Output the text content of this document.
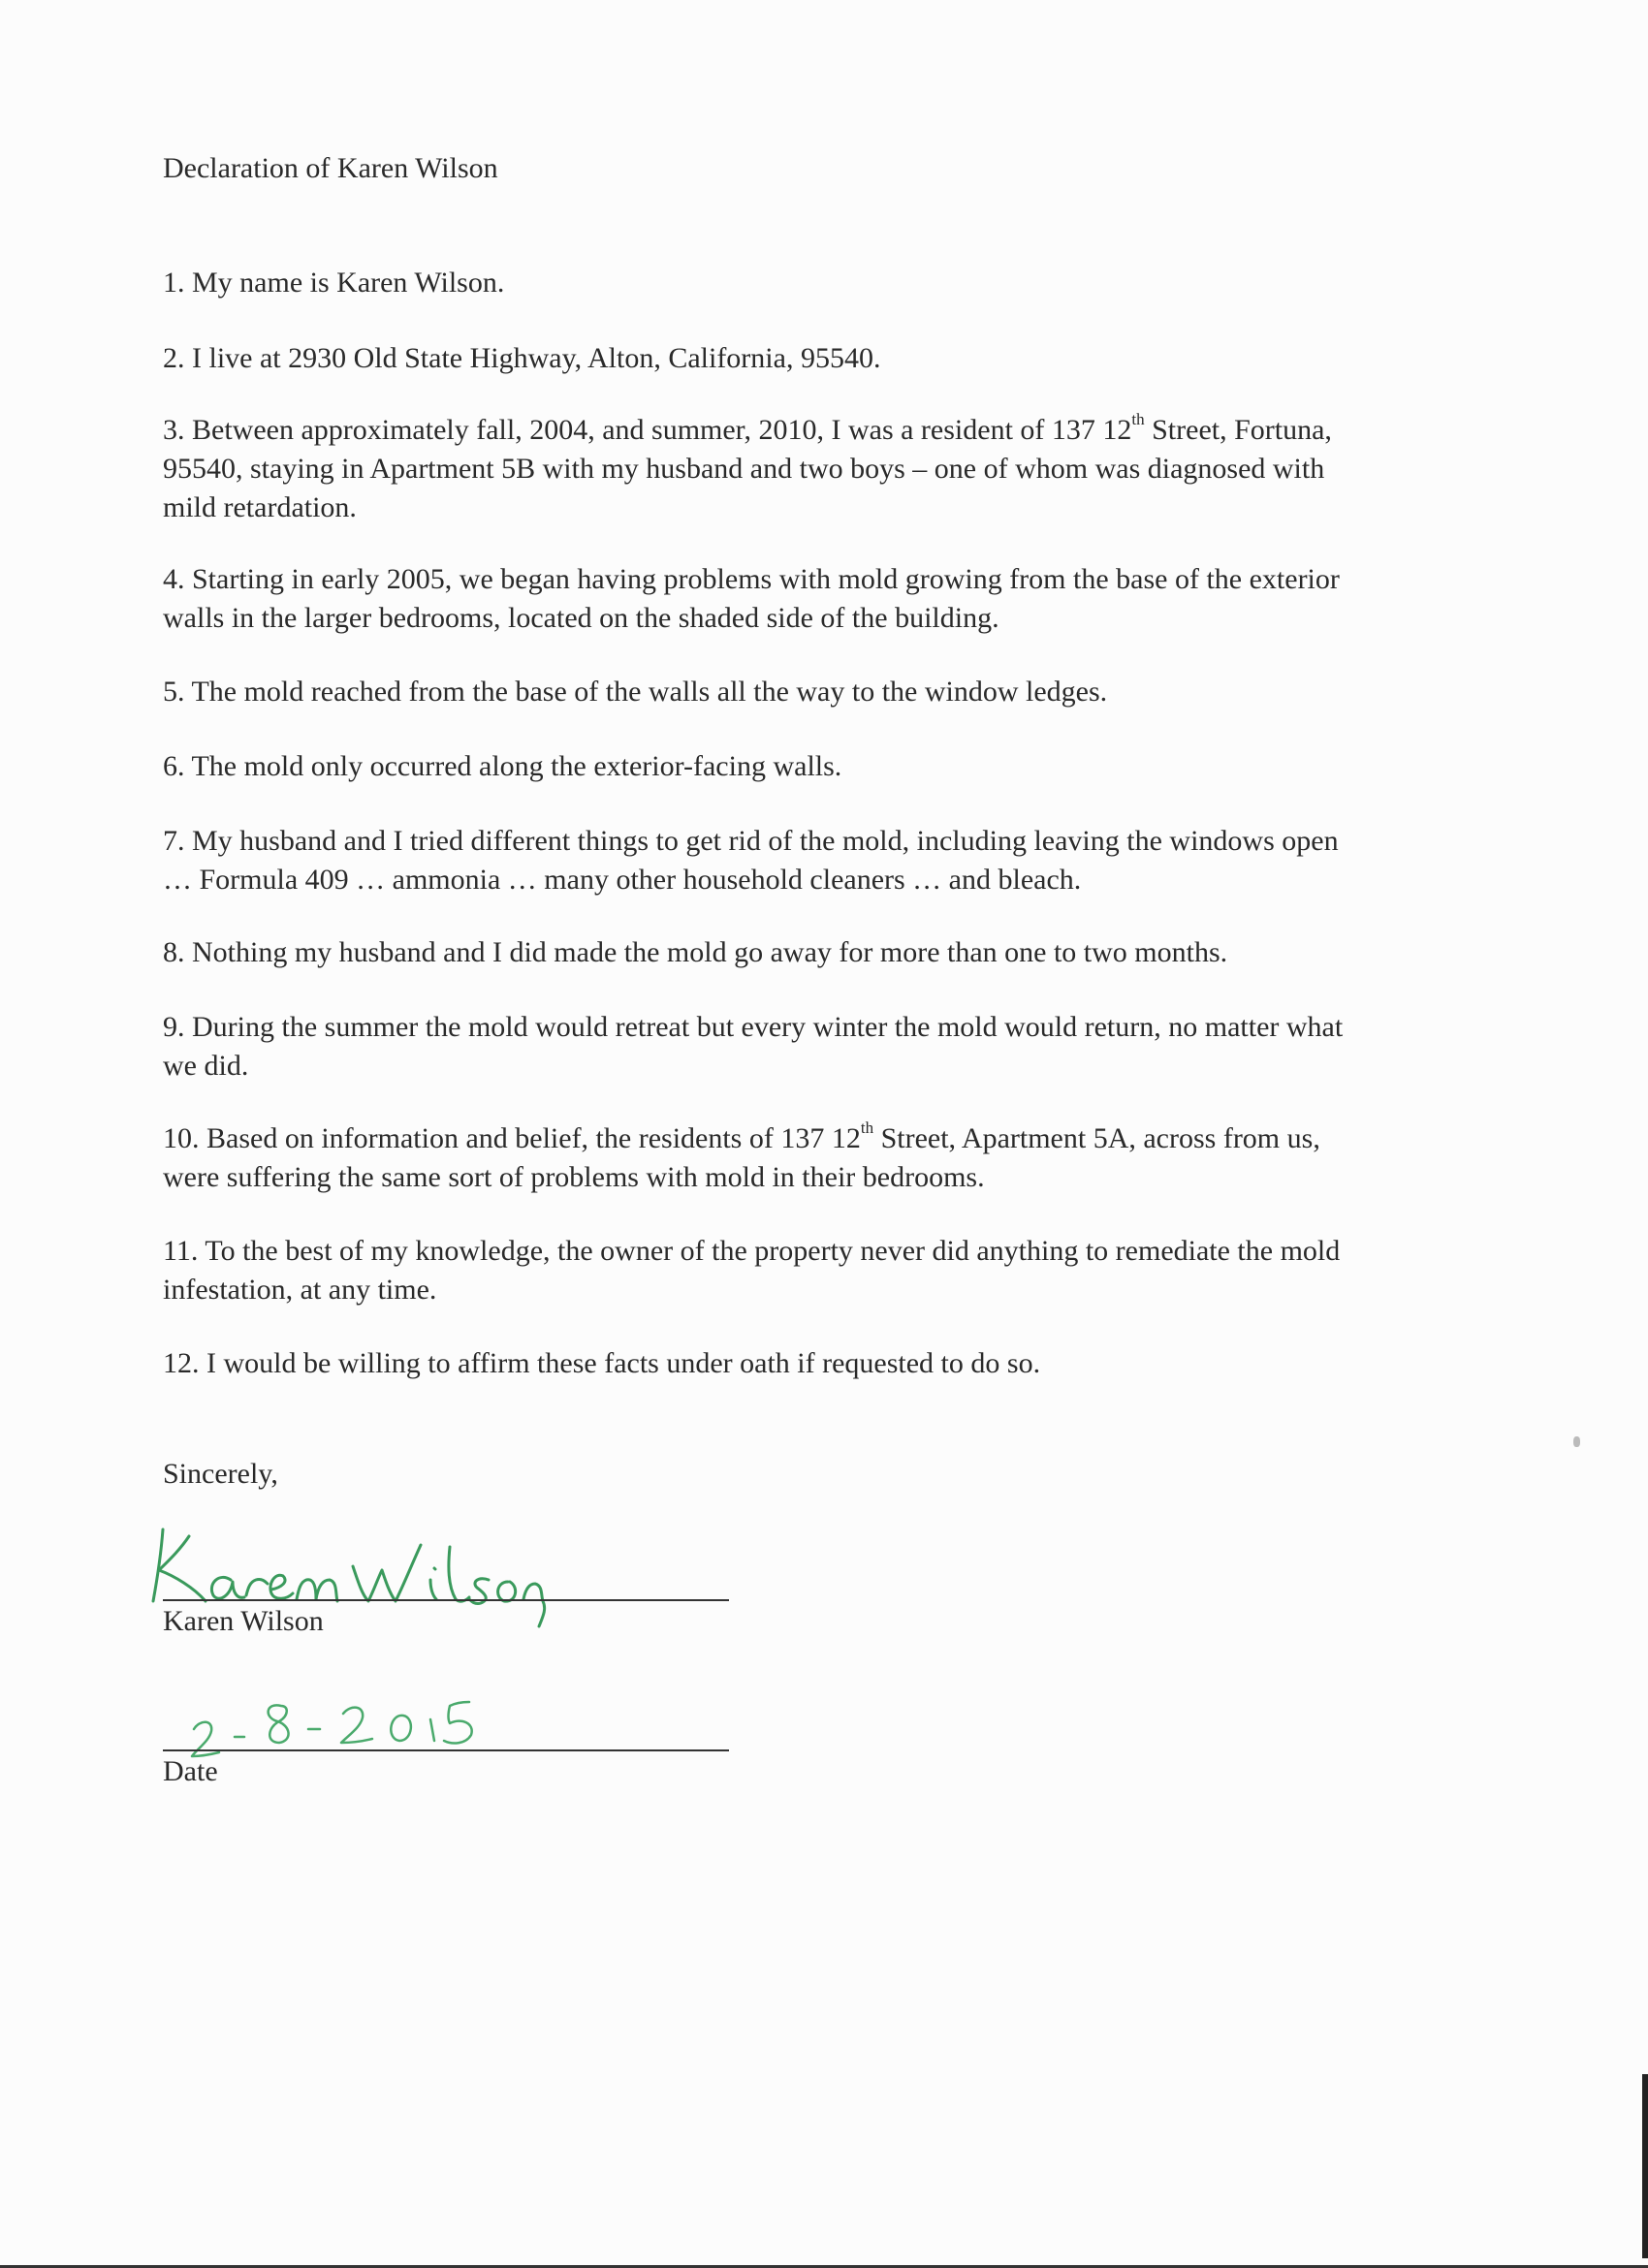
Declaration of Karen Wilson
1. My name is Karen Wilson.
2. I live at 2930 Old State Highway, Alton, California, 95540.
3. Between approximately fall, 2004, and summer, 2010, I was a resident of 137 12th Street, Fortuna,
95540, staying in Apartment 5B with my husband and two boys – one of whom was diagnosed with
mild retardation.
4. Starting in early 2005, we began having problems with mold growing from the base of the exterior
walls in the larger bedrooms, located on the shaded side of the building.
5. The mold reached from the base of the walls all the way to the window ledges.
6. The mold only occurred along the exterior-facing walls.
7. My husband and I tried different things to get rid of the mold, including leaving the windows open
… Formula 409 … ammonia … many other household cleaners … and bleach.
8. Nothing my husband and I did made the mold go away for more than one to two months.
9. During the summer the mold would retreat but every winter the mold would return, no matter what
we did.
10. Based on information and belief, the residents of 137 12th Street, Apartment 5A, across from us,
were suffering the same sort of problems with mold in their bedrooms.
11. To the best of my knowledge, the owner of the property never did anything to remediate the mold
infestation, at any time.
12. I would be willing to affirm these facts under oath if requested to do so.
Sincerely,
Karen Wilson
Date
